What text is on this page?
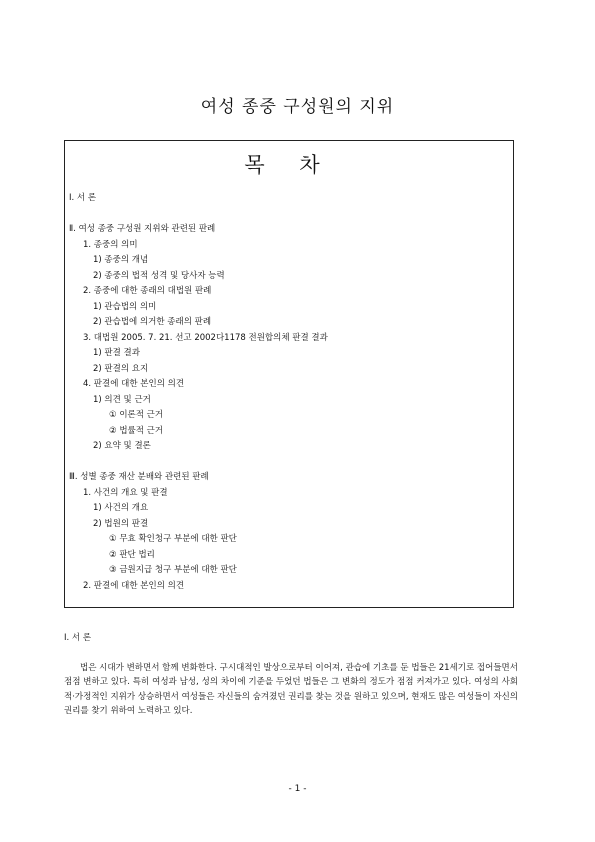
여성 종중 구성원의 지위
목 차
Ⅰ. 서 론
Ⅱ. 여성 종중 구성원 지위와 관련된 판례
1. 종중의 의미
1) 종중의 개념
2) 종중의 법적 성격 및 당사자 능력
2. 종중에 대한 종래의 대법원 판례
1) 관습법의 의미
2) 관습법에 의거한 종래의 판례
3. 대법원 2005. 7. 21. 선고 2002다1178 전원합의체 판결 결과
1) 판결 결과
2) 판결의 요지
4. 판결에 대한 본인의 의견
1) 의견 및 근거
① 이론적 근거
② 법률적 근거
2) 요약 및 결론
Ⅲ. 성별 종중 재산 분배와 관련된 판례
1. 사건의 개요 및 판결
1) 사건의 개요
2) 법원의 판결
① 무효 확인청구 부분에 대한 판단
② 판단 법리
③ 금원지급 청구 부분에 대한 판단
2. 판결에 대한 본인의 의견
Ⅰ. 서 론

법은 시대가 변하면서 함께 변화한다. 구시대적인 발상으로부터 이어져, 관습에 기초를 둔 법들은 21세기로 접어들면서 점점 변하고 있다. 특히 여성과 남성, 성의 차이에 기준을 두었던 법들은 그 변화의 정도가 점점 커져가고 있다. 여성의 사회적·가정적인 지위가 상승하면서 여성들은 자신들의 숨겨졌던 권리를 찾는 것을 원하고 있으며, 현재도 많은 여성들이 자신의 권리를 찾기 위하여 노력하고 있다.

- 1 -
